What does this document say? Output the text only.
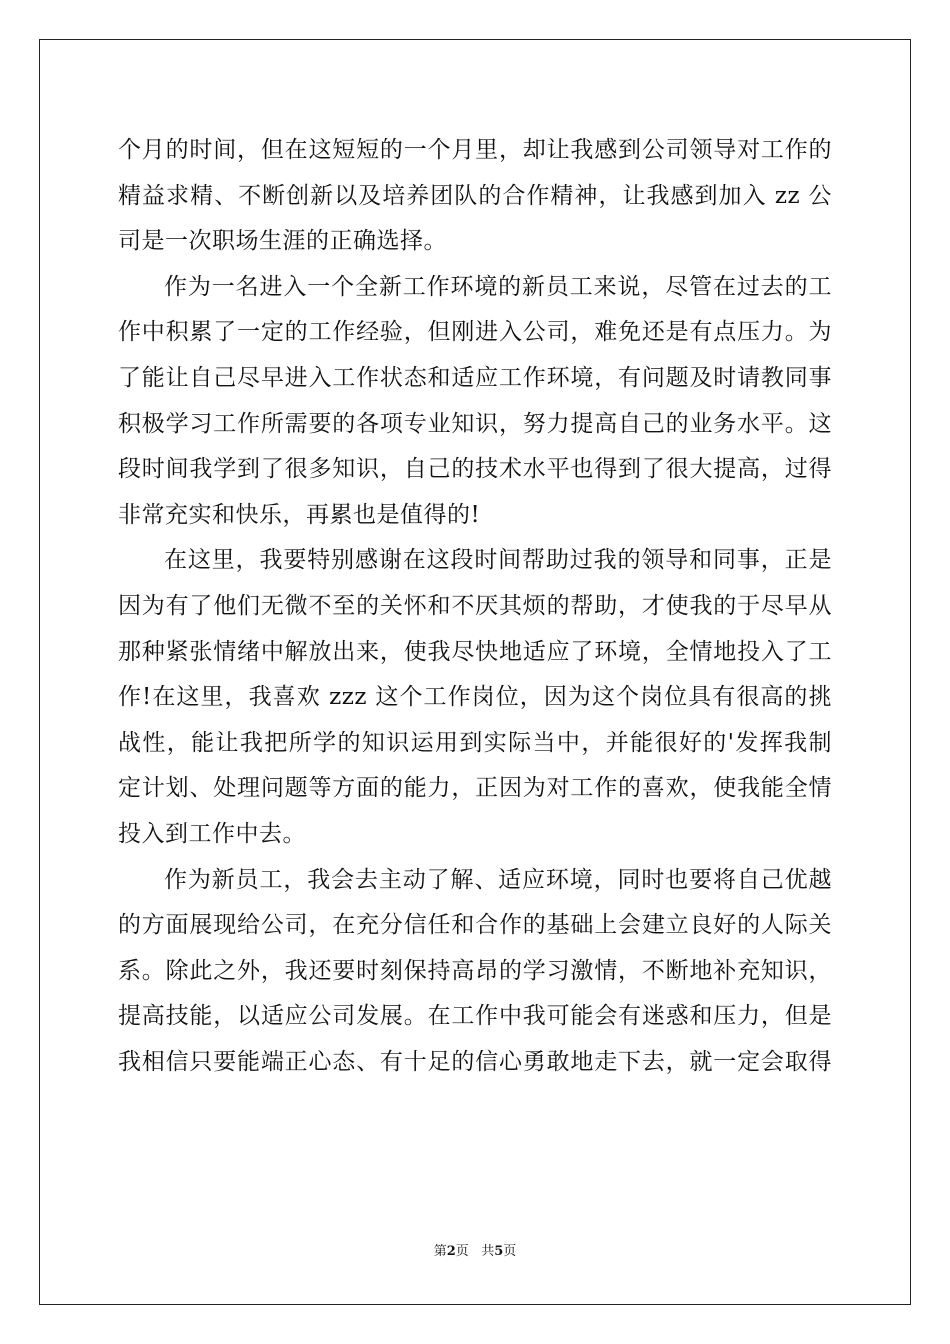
个月的时间，但在这短短的一个月里，却让我感到公司领导对工作的
精益求精、不断创新以及培养团队的合作精神，让我感到加入 zz 公
司是一次职场生涯的正确选择。
作为一名进入一个全新工作环境的新员工来说，尽管在过去的工
作中积累了一定的工作经验，但刚进入公司，难免还是有点压力。为
了能让自己尽早进入工作状态和适应工作环境，有问题及时请教同事
积极学习工作所需要的各项专业知识，努力提高自己的业务水平。这
段时间我学到了很多知识，自己的技术水平也得到了很大提高，过得
非常充实和快乐，再累也是值得的!
在这里，我要特别感谢在这段时间帮助过我的领导和同事，正是
因为有了他们无微不至的关怀和不厌其烦的帮助，才使我的于尽早从
那种紧张情绪中解放出来，使我尽快地适应了环境，全情地投入了工
作!在这里，我喜欢 zzz 这个工作岗位，因为这个岗位具有很高的挑
战性，能让我把所学的知识运用到实际当中，并能很好的'发挥我制
定计划、处理问题等方面的能力，正因为对工作的喜欢，使我能全情
投入到工作中去。
作为新员工，我会去主动了解、适应环境，同时也要将自己优越
的方面展现给公司，在充分信任和合作的基础上会建立良好的人际关
系。除此之外，我还要时刻保持高昂的学习激情，不断地补充知识，
提高技能，以适应公司发展。在工作中我可能会有迷惑和压力，但是
我相信只要能端正心态、有十足的信心勇敢地走下去，就一定会取得
第2页 共5页
